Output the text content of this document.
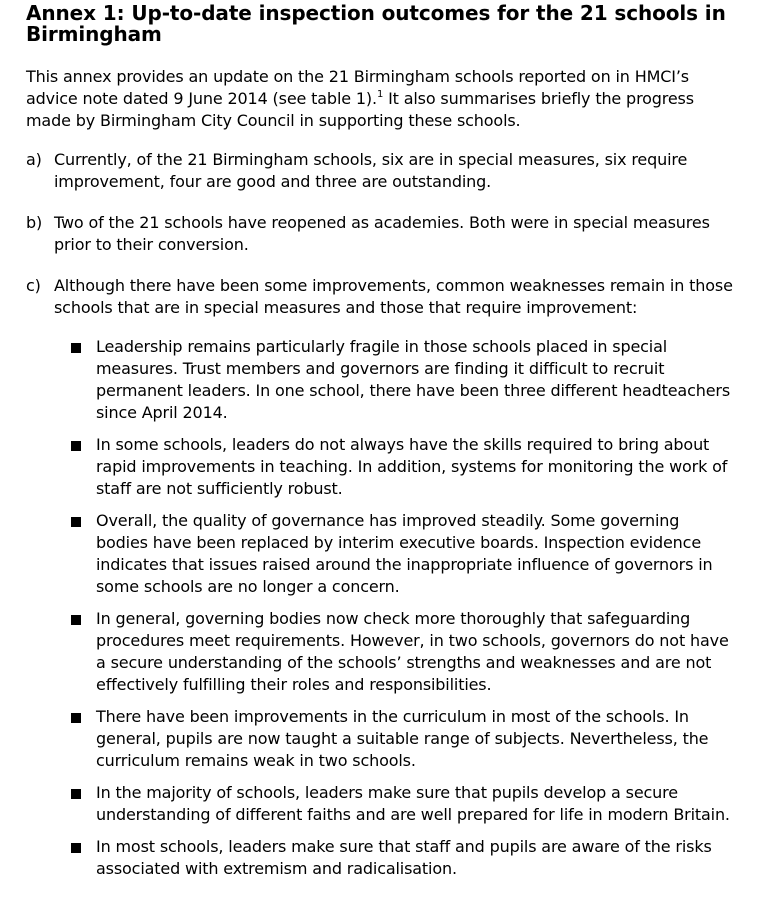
Annex 1: Up-to-date inspection outcomes for the 21 schools in Birmingham

This annex provides an update on the 21 Birmingham schools reported on in HMCI’s advice note dated 9 June 2014 (see table 1).$^1$ It also summarises briefly the progress made by Birmingham City Council in supporting these schools.

a) Currently, of the 21 Birmingham schools, six are in special measures, six require improvement, four are good and three are outstanding.
b) Two of the 21 schools have reopened as academies. Both were in special measures prior to their conversion.
c) Although there have been some improvements, common weaknesses remain in those schools that are in special measures and those that require improvement:
Leadership remains particularly fragile in those schools placed in special measures. Trust members and governors are finding it difficult to recruit permanent leaders. In one school, there have been three different headteachers since April 2014.
In some schools, leaders do not always have the skills required to bring about rapid improvements in teaching. In addition, systems for monitoring the work of staff are not sufficiently robust.
Overall, the quality of governance has improved steadily. Some governing bodies have been replaced by interim executive boards. Inspection evidence indicates that issues raised around the inappropriate influence of governors in some schools are no longer a concern.
In general, governing bodies now check more thoroughly that safeguarding procedures meet requirements. However, in two schools, governors do not have a secure understanding of the schools’ strengths and weaknesses and are not effectively fulfilling their roles and responsibilities.
There have been improvements in the curriculum in most of the schools. In general, pupils are now taught a suitable range of subjects. Nevertheless, the curriculum remains weak in two schools.
In the majority of schools, leaders make sure that pupils develop a secure understanding of different faiths and are well prepared for life in modern Britain.
In most schools, leaders make sure that staff and pupils are aware of the risks associated with extremism and radicalisation.
